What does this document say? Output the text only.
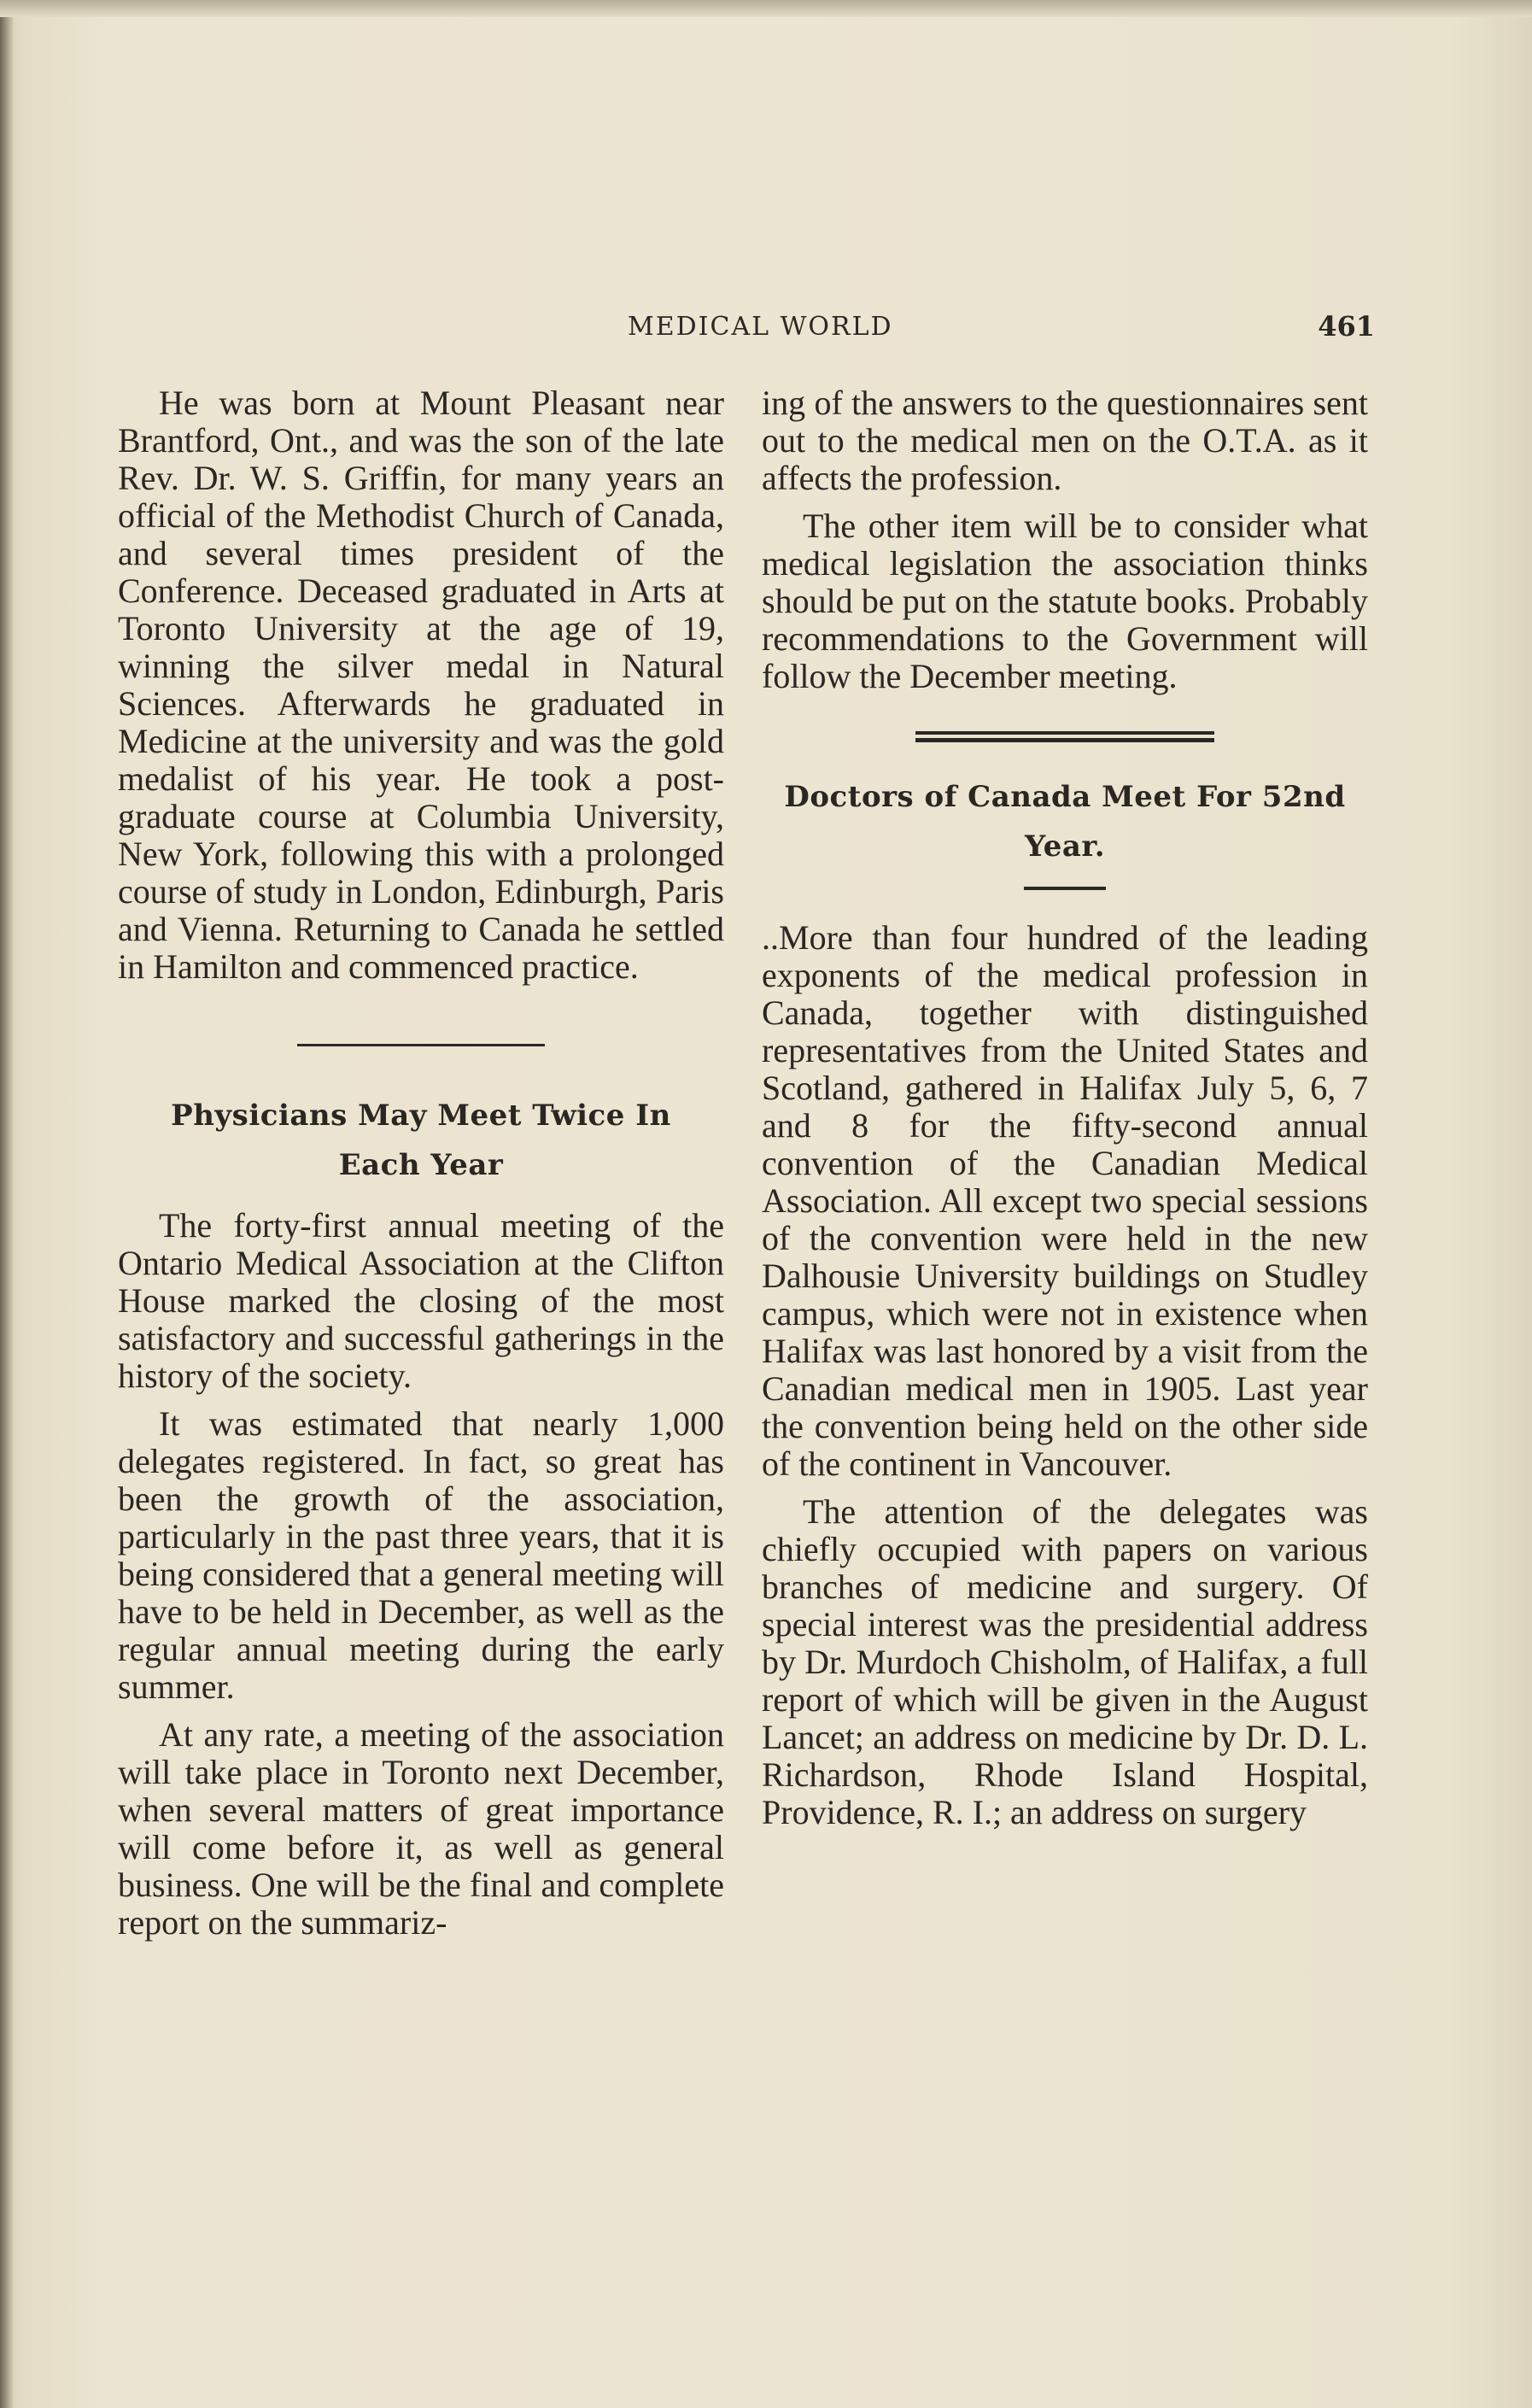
MEDICAL WORLD	461

He was born at Mount Pleasant near Brantford, Ont., and was the son of the late Rev. Dr. W. S. Griffin, for many years an official of the Methodist Church of Canada, and several times president of the Conference. Deceased graduated in Arts at Toronto University at the age of 19, winning the silver medal in Natural Sciences. Afterwards he graduated in Medicine at the university and was the gold medalist of his year. He took a post-graduate course at Columbia University, New York, following this with a prolonged course of study in London, Edinburgh, Paris and Vienna. Returning to Canada he settled in Hamilton and commenced practice.

Physicians May Meet Twice In
Each Year

The forty-first annual meeting of the Ontario Medical Association at the Clifton House marked the closing of the most satisfactory and successful gatherings in the history of the society.

It was estimated that nearly 1,000 delegates registered. In fact, so great has been the growth of the association, particularly in the past three years, that it is being considered that a general meeting will have to be held in December, as well as the regular annual meeting during the early summer.

At any rate, a meeting of the association will take place in Toronto next December, when several matters of great importance will come before it, as well as general business. One will be the final and complete report on the summariz-

ing of the answers to the questionnaires sent out to the medical men on the O.T.A. as it affects the profession.

The other item will be to consider what medical legislation the association thinks should be put on the statute books. Probably recommendations to the Government will follow the December meeting.

Doctors of Canada Meet For 52nd
Year.

..More than four hundred of the leading exponents of the medical profession in Canada, together with distinguished representatives from the United States and Scotland, gathered in Halifax July 5, 6, 7 and 8 for the fifty-second annual convention of the Canadian Medical Association. All except two special sessions of the convention were held in the new Dalhousie University buildings on Studley campus, which were not in existence when Halifax was last honored by a visit from the Canadian medical men in 1905. Last year the convention being held on the other side of the continent in Vancouver.

The attention of the delegates was chiefly occupied with papers on various branches of medicine and surgery. Of special interest was the presidential address by Dr. Murdoch Chisholm, of Halifax, a full report of which will be given in the August Lancet; an address on medicine by Dr. D. L. Richardson, Rhode Island Hospital, Providence, R. I.; an address on surgery
